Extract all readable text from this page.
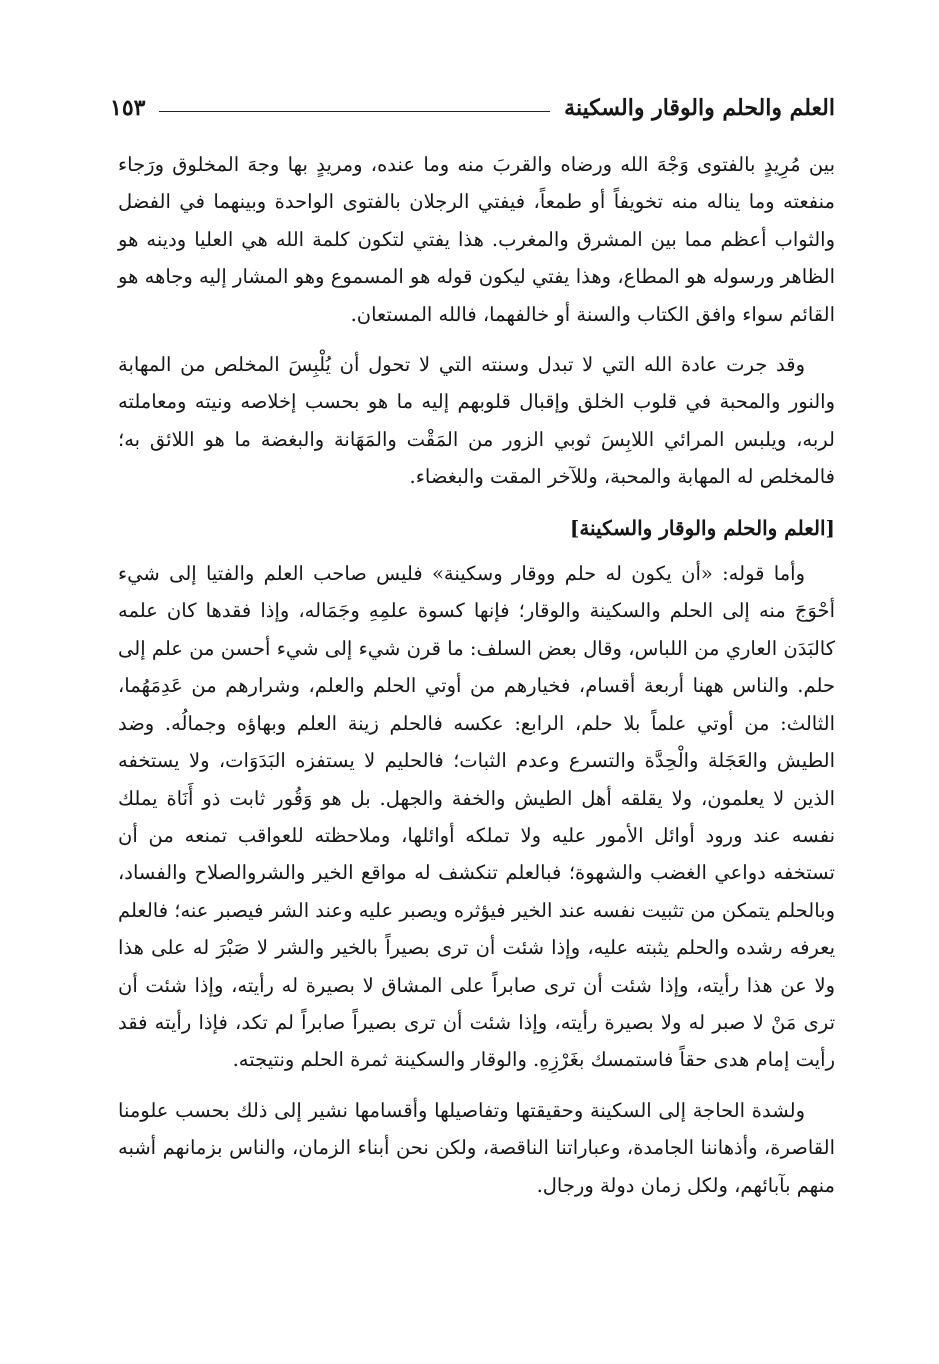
العلم والحلم والوقار والسكينة
١٥٣

بين مُرِيدٍ بالفتوى وَجْهَ الله ورضاه والقربَ منه وما عنده، ومريدٍ بها وجهَ المخلوق ورَجاء منفعته وما يناله منه تخويفاً أو طمعاً، فيفتي الرجلان بالفتوى الواحدة وبينهما في الفضل والثواب أعظم مما بين المشرق والمغرب. هذا يفتي لتكون كلمة الله هي العليا ودينه هو الظاهر ورسوله هو المطاع، وهذا يفتي ليكون قوله هو المسموع وهو المشار إليه وجاهه هو القائم سواء وافق الكتاب والسنة أو خالفهما، فالله المستعان.

وقد جرت عادة الله التي لا تبدل وسنته التي لا تحول أن يُلْبِسَ المخلص من المهابة والنور والمحبة في قلوب الخلق وإقبال قلوبهم إليه ما هو بحسب إخلاصه ونيته ومعاملته لربه، ويلبس المرائي اللابِسَ ثوبي الزور من المَقْت والمَهَانة والبغضة ما هو اللائق به؛ فالمخلص له المهابة والمحبة، وللآخر المقت والبغضاء.

[العلم والحلم والوقار والسكينة]

وأما قوله: «أن يكون له حلم ووقار وسكينة» فليس صاحب العلم والفتيا إلى شيء أحْوَجَ منه إلى الحلم والسكينة والوقار؛ فإنها كسوة علمِهِ وجَمَاله، وإذا فقدها كان علمه كالبَدَن العاري من اللباس، وقال بعض السلف: ما قرن شيء إلى شيء أحسن من علم إلى حلم. والناس ههنا أربعة أقسام، فخيارهم من أوتي الحلم والعلم، وشرارهم من عَدِمَهُما، الثالث: من أوتي علماً بلا حلم، الرابع: عكسه فالحلم زينة العلم وبهاؤه وجمالُه. وضد الطيش والعَجَلة والْحِدَّة والتسرع وعدم الثبات؛ فالحليم لا يستفزه البَدَوَات، ولا يستخفه الذين لا يعلمون، ولا يقلقه أهل الطيش والخفة والجهل. بل هو وَقُور ثابت ذو أَنَاة يملك نفسه عند ورود أوائل الأمور عليه ولا تملكه أوائلها، وملاحظته للعواقب تمنعه من أن تستخفه دواعي الغضب والشهوة؛ فبالعلم تنكشف له مواقع الخير والشروالصلاح والفساد، وبالحلم يتمكن من تثبيت نفسه عند الخير فيؤثره ويصبر عليه وعند الشر فيصبر عنه؛ فالعلم يعرفه رشده والحلم يثبته عليه، وإذا شئت أن ترى بصيراً بالخير والشر لا صَبْرَ له على هذا ولا عن هذا رأيته، وإذا شئت أن ترى صابراً على المشاق لا بصيرة له رأيته، وإذا شئت أن ترى مَنْ لا صبر له ولا بصيرة رأيته، وإذا شئت أن ترى بصيراً صابراً لم تكد، فإذا رأيته فقد رأيت إمام هدى حقاً فاستمسك بغَرْزِهِ. والوقار والسكينة ثمرة الحلم ونتيجته.

ولشدة الحاجة إلى السكينة وحقيقتها وتفاصيلها وأقسامها نشير إلى ذلك بحسب علومنا القاصرة، وأذهاننا الجامدة، وعباراتنا الناقصة، ولكن نحن أبناء الزمان، والناس بزمانهم أشبه منهم بآبائهم، ولكل زمان دولة ورجال.
